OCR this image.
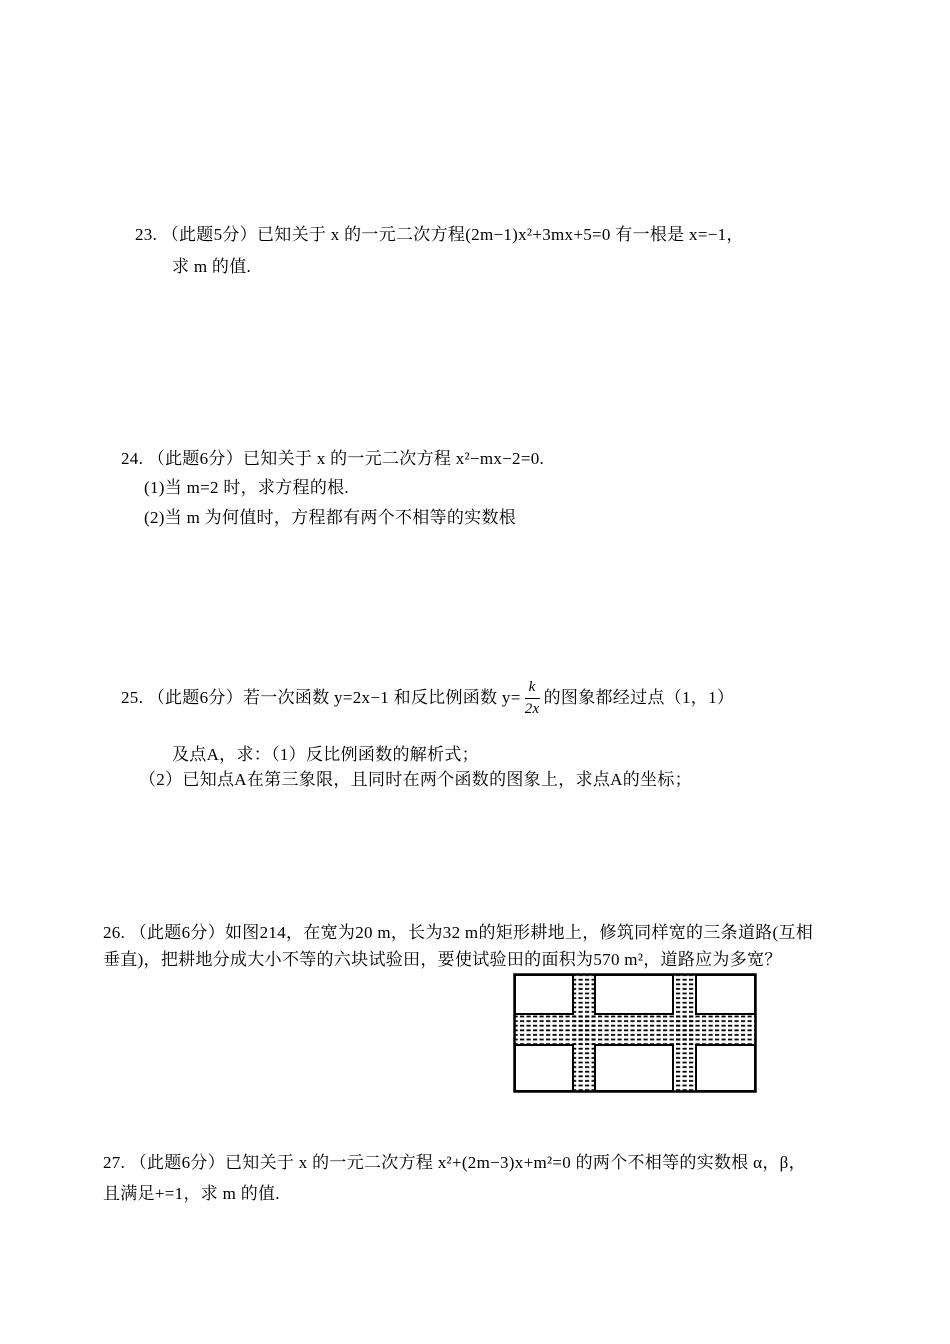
23. （此题5分）已知关于 x 的一元二次方程(2m−1)x²+3mx+5=0 有一根是 x=−1，
求 m 的值.
24. （此题6分）已知关于 x 的一元二次方程 x²−mx−2=0.
(1)当 m=2 时，求方程的根.
(2)当 m 为何值时，方程都有两个不相等的实数根
25. （此题6分）若一次函数 y=2x−1 和反比例函数 $y= \frac{k}{2x}$ 的图象都经过点（1，1）
及点A，求：（1）反比例函数的解析式；
（2）已知点A在第三象限，且同时在两个函数的图象上，求点A的坐标；
26. （此题6分）如图214，在宽为20 m，长为32 m的矩形耕地上，修筑同样宽的三条道路(互相
垂直)，把耕地分成大小不等的六块试验田，要使试验田的面积为570 m²，道路应为多宽？
27. （此题6分）已知关于 x 的一元二次方程 x²+(2m−3)x+m²=0 的两个不相等的实数根 α，β，
且满足+=1，求 m 的值.
